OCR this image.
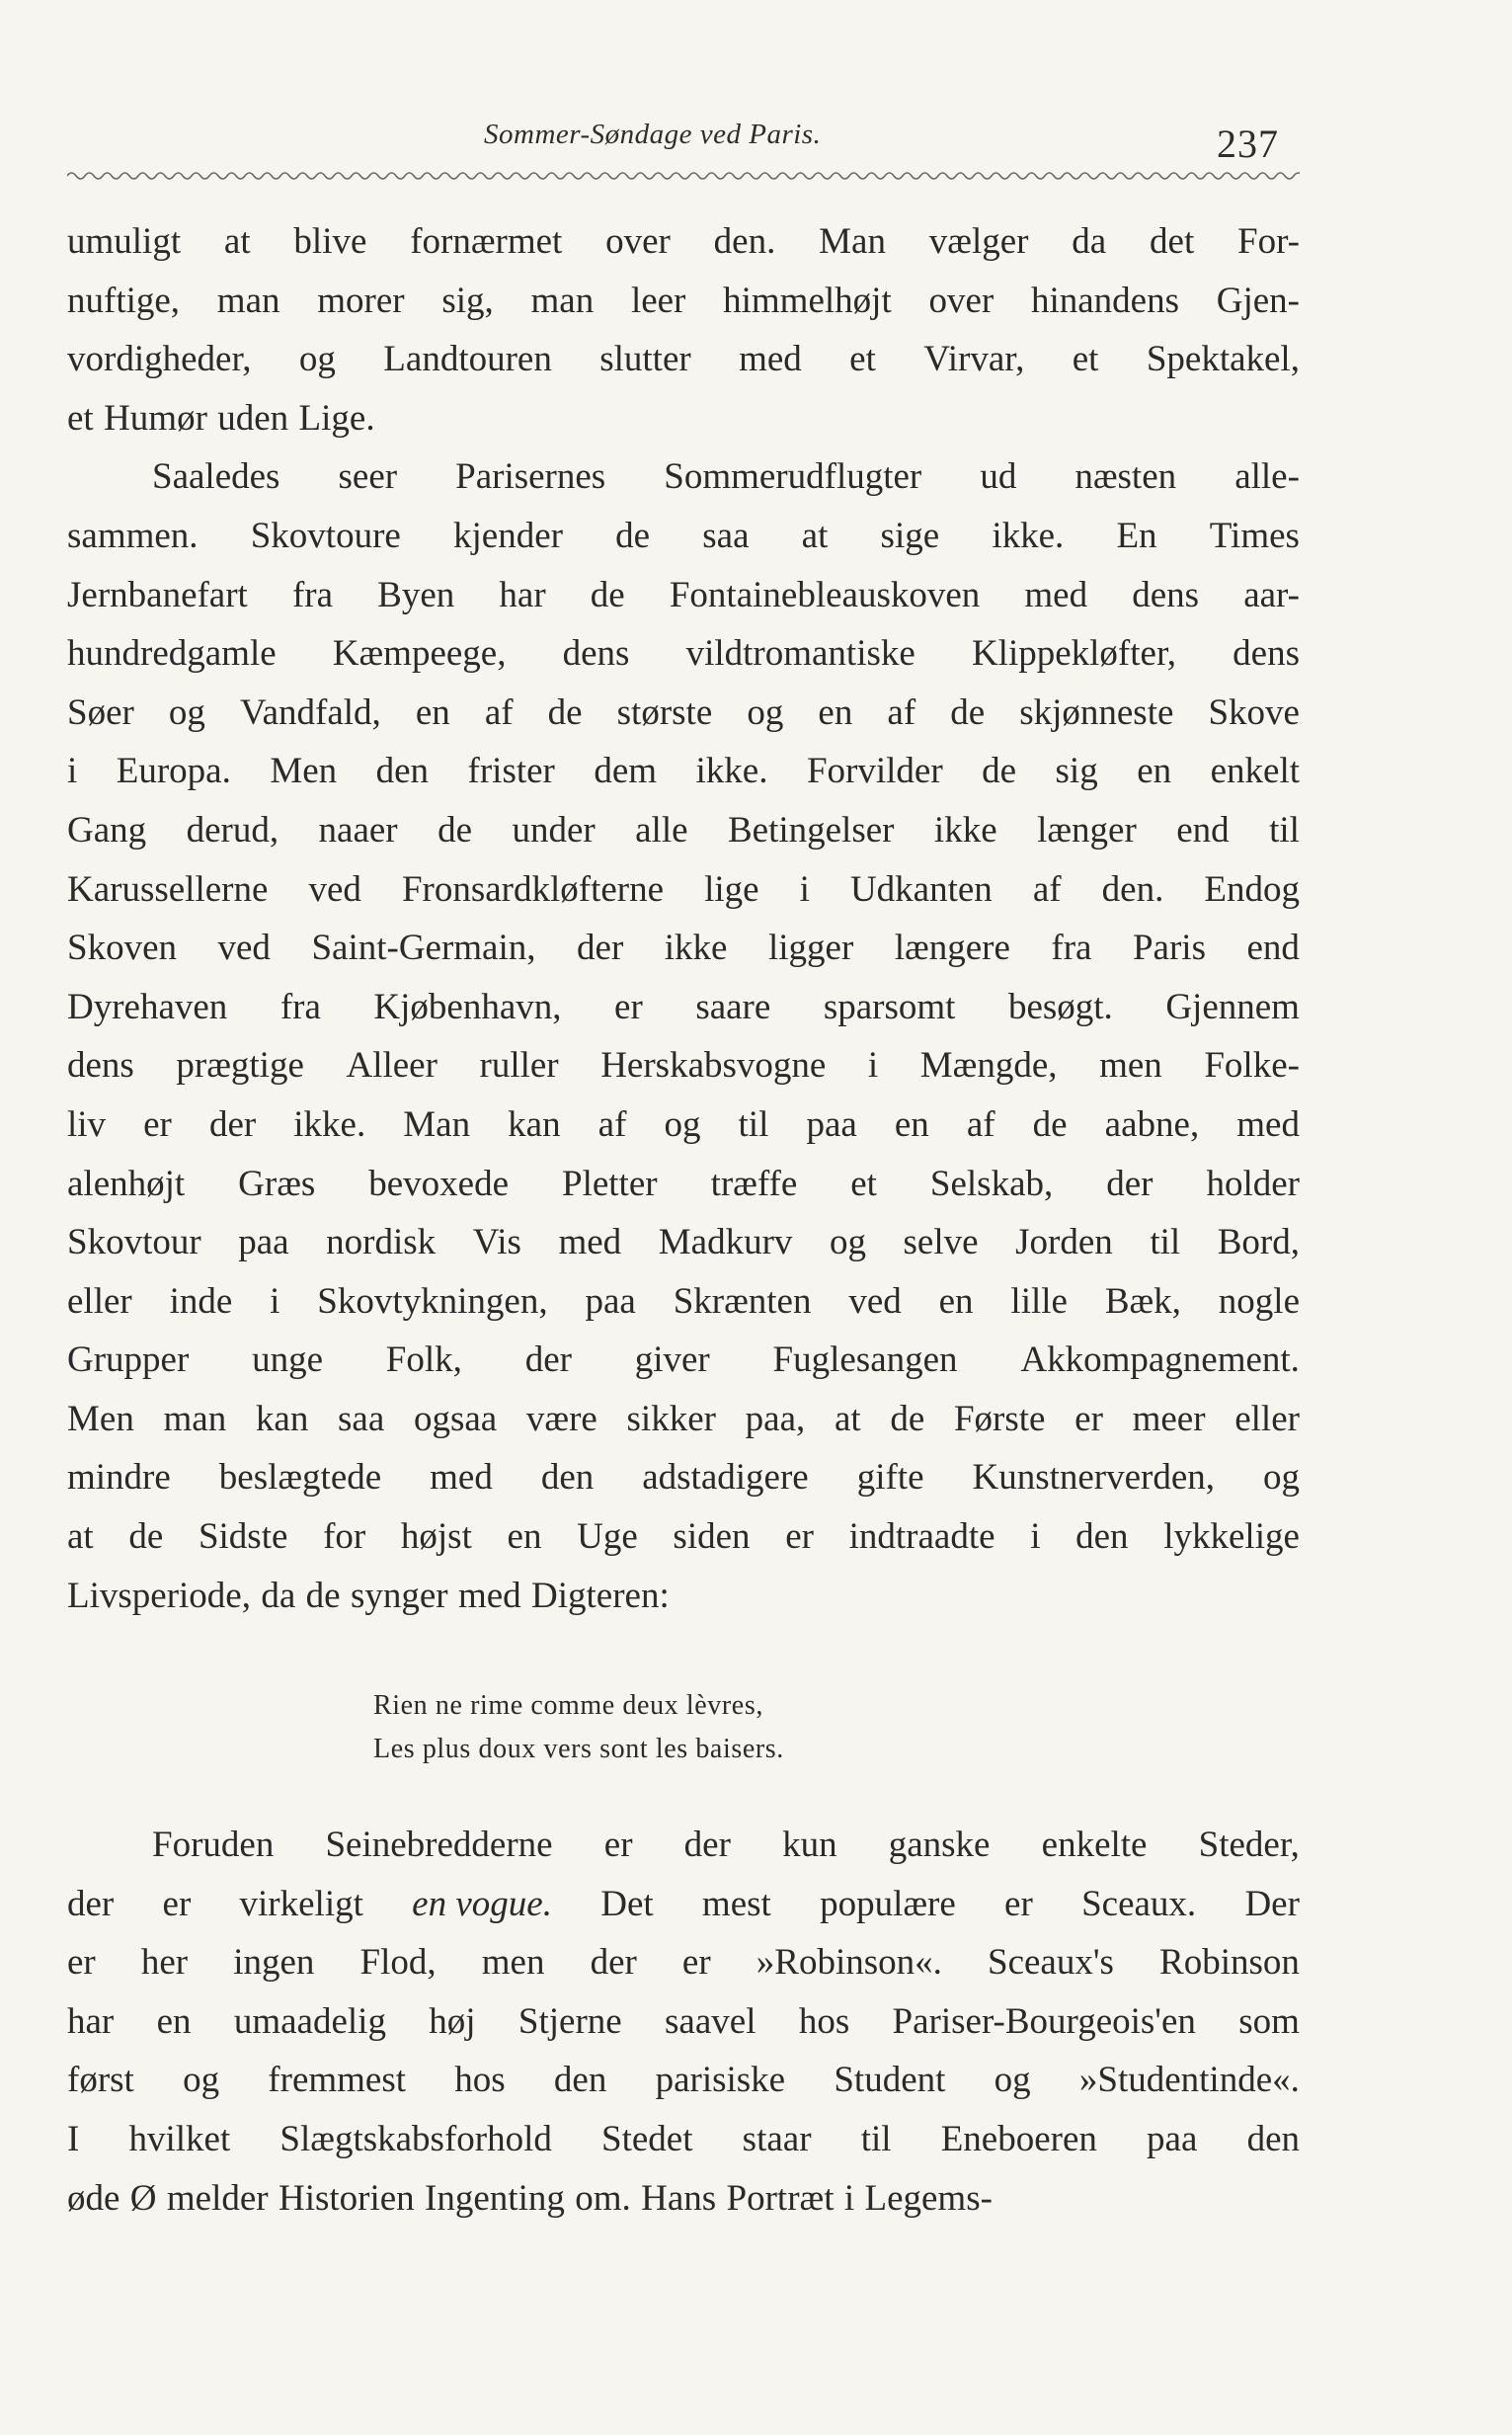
Sommer-Søndage ved Paris.	237
umuligt at blive fornærmet over den. Man vælger da det For-
nuftige, man morer sig, man leer himmelhøjt over hinandens Gjen-
vordigheder, og Landtouren slutter med et Virvar, et Spektakel,
et Humør uden Lige.
Saaledes seer Parisernes Sommerudflugter ud næsten alle-
sammen. Skovtoure kjender de saa at sige ikke. En Times
Jernbanefart fra Byen har de Fontainebleauskoven med dens aar-
hundredgamle Kæmpeege, dens vildtromantiske Klippekløfter, dens
Søer og Vandfald, en af de største og en af de skjønneste Skove
i Europa. Men den frister dem ikke. Forvilder de sig en enkelt
Gang derud, naaer de under alle Betingelser ikke længer end til
Karussellerne ved Fronsardkløfterne lige i Udkanten af den. Endog
Skoven ved Saint-Germain, der ikke ligger længere fra Paris end
Dyrehaven fra Kjøbenhavn, er saare sparsomt besøgt. Gjennem
dens prægtige Alleer ruller Herskabsvogne i Mængde, men Folke-
liv er der ikke. Man kan af og til paa en af de aabne, med
alenhøjt Græs bevoxede Pletter træffe et Selskab, der holder
Skovtour paa nordisk Vis med Madkurv og selve Jorden til Bord,
eller inde i Skovtykningen, paa Skrænten ved en lille Bæk, nogle
Grupper unge Folk, der giver Fuglesangen Akkompagnement.
Men man kan saa ogsaa være sikker paa, at de Første er meer eller
mindre beslægtede med den adstadigere gifte Kunstnerverden, og
at de Sidste for højst en Uge siden er indtraadte i den lykkelige
Livsperiode, da de synger med Digteren:
Rien ne rime comme deux lèvres,
Les plus doux vers sont les baisers.
Foruden Seinebredderne er der kun ganske enkelte Steder,
der er virkeligt en vogue. Det mest populære er Sceaux. Der
er her ingen Flod, men der er »Robinson«. Sceaux's Robinson
har en umaadelig høj Stjerne saavel hos Pariser-Bourgeois'en som
først og fremmest hos den parisiske Student og »Studentinde«.
I hvilket Slægtskabsforhold Stedet staar til Eneboeren paa den
øde Ø melder Historien Ingenting om. Hans Portræt i Legems-
